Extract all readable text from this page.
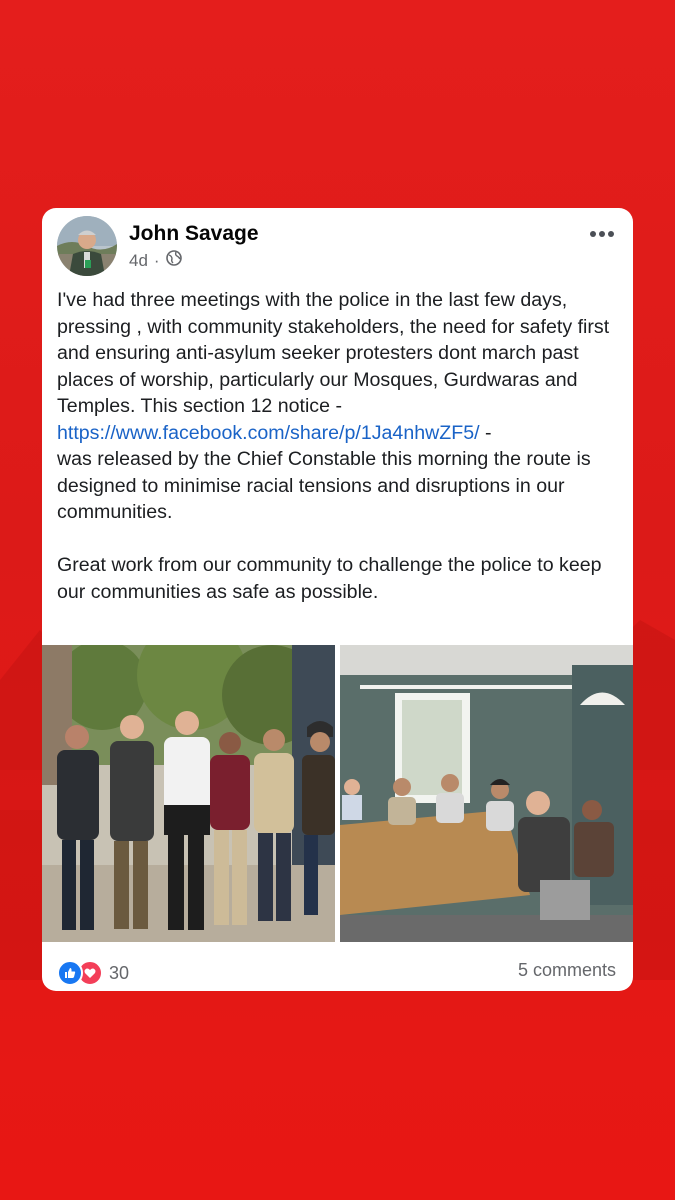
John Savage
4d ·

I've had three meetings with the police in the last few days, pressing , with community stakeholders, the need for safety first and ensuring anti-asylum seeker protesters dont march past places of worship, particularly our Mosques, Gurdwaras and Temples. This section 12 notice - https://www.facebook.com/share/p/1Ja4nhwZF5/ -

was released by the Chief Constable this morning the route is designed to minimise racial tensions and disruptions in our communities.

Great work from our community to challenge the police to keep our communities as safe as possible.

30	5 comments
